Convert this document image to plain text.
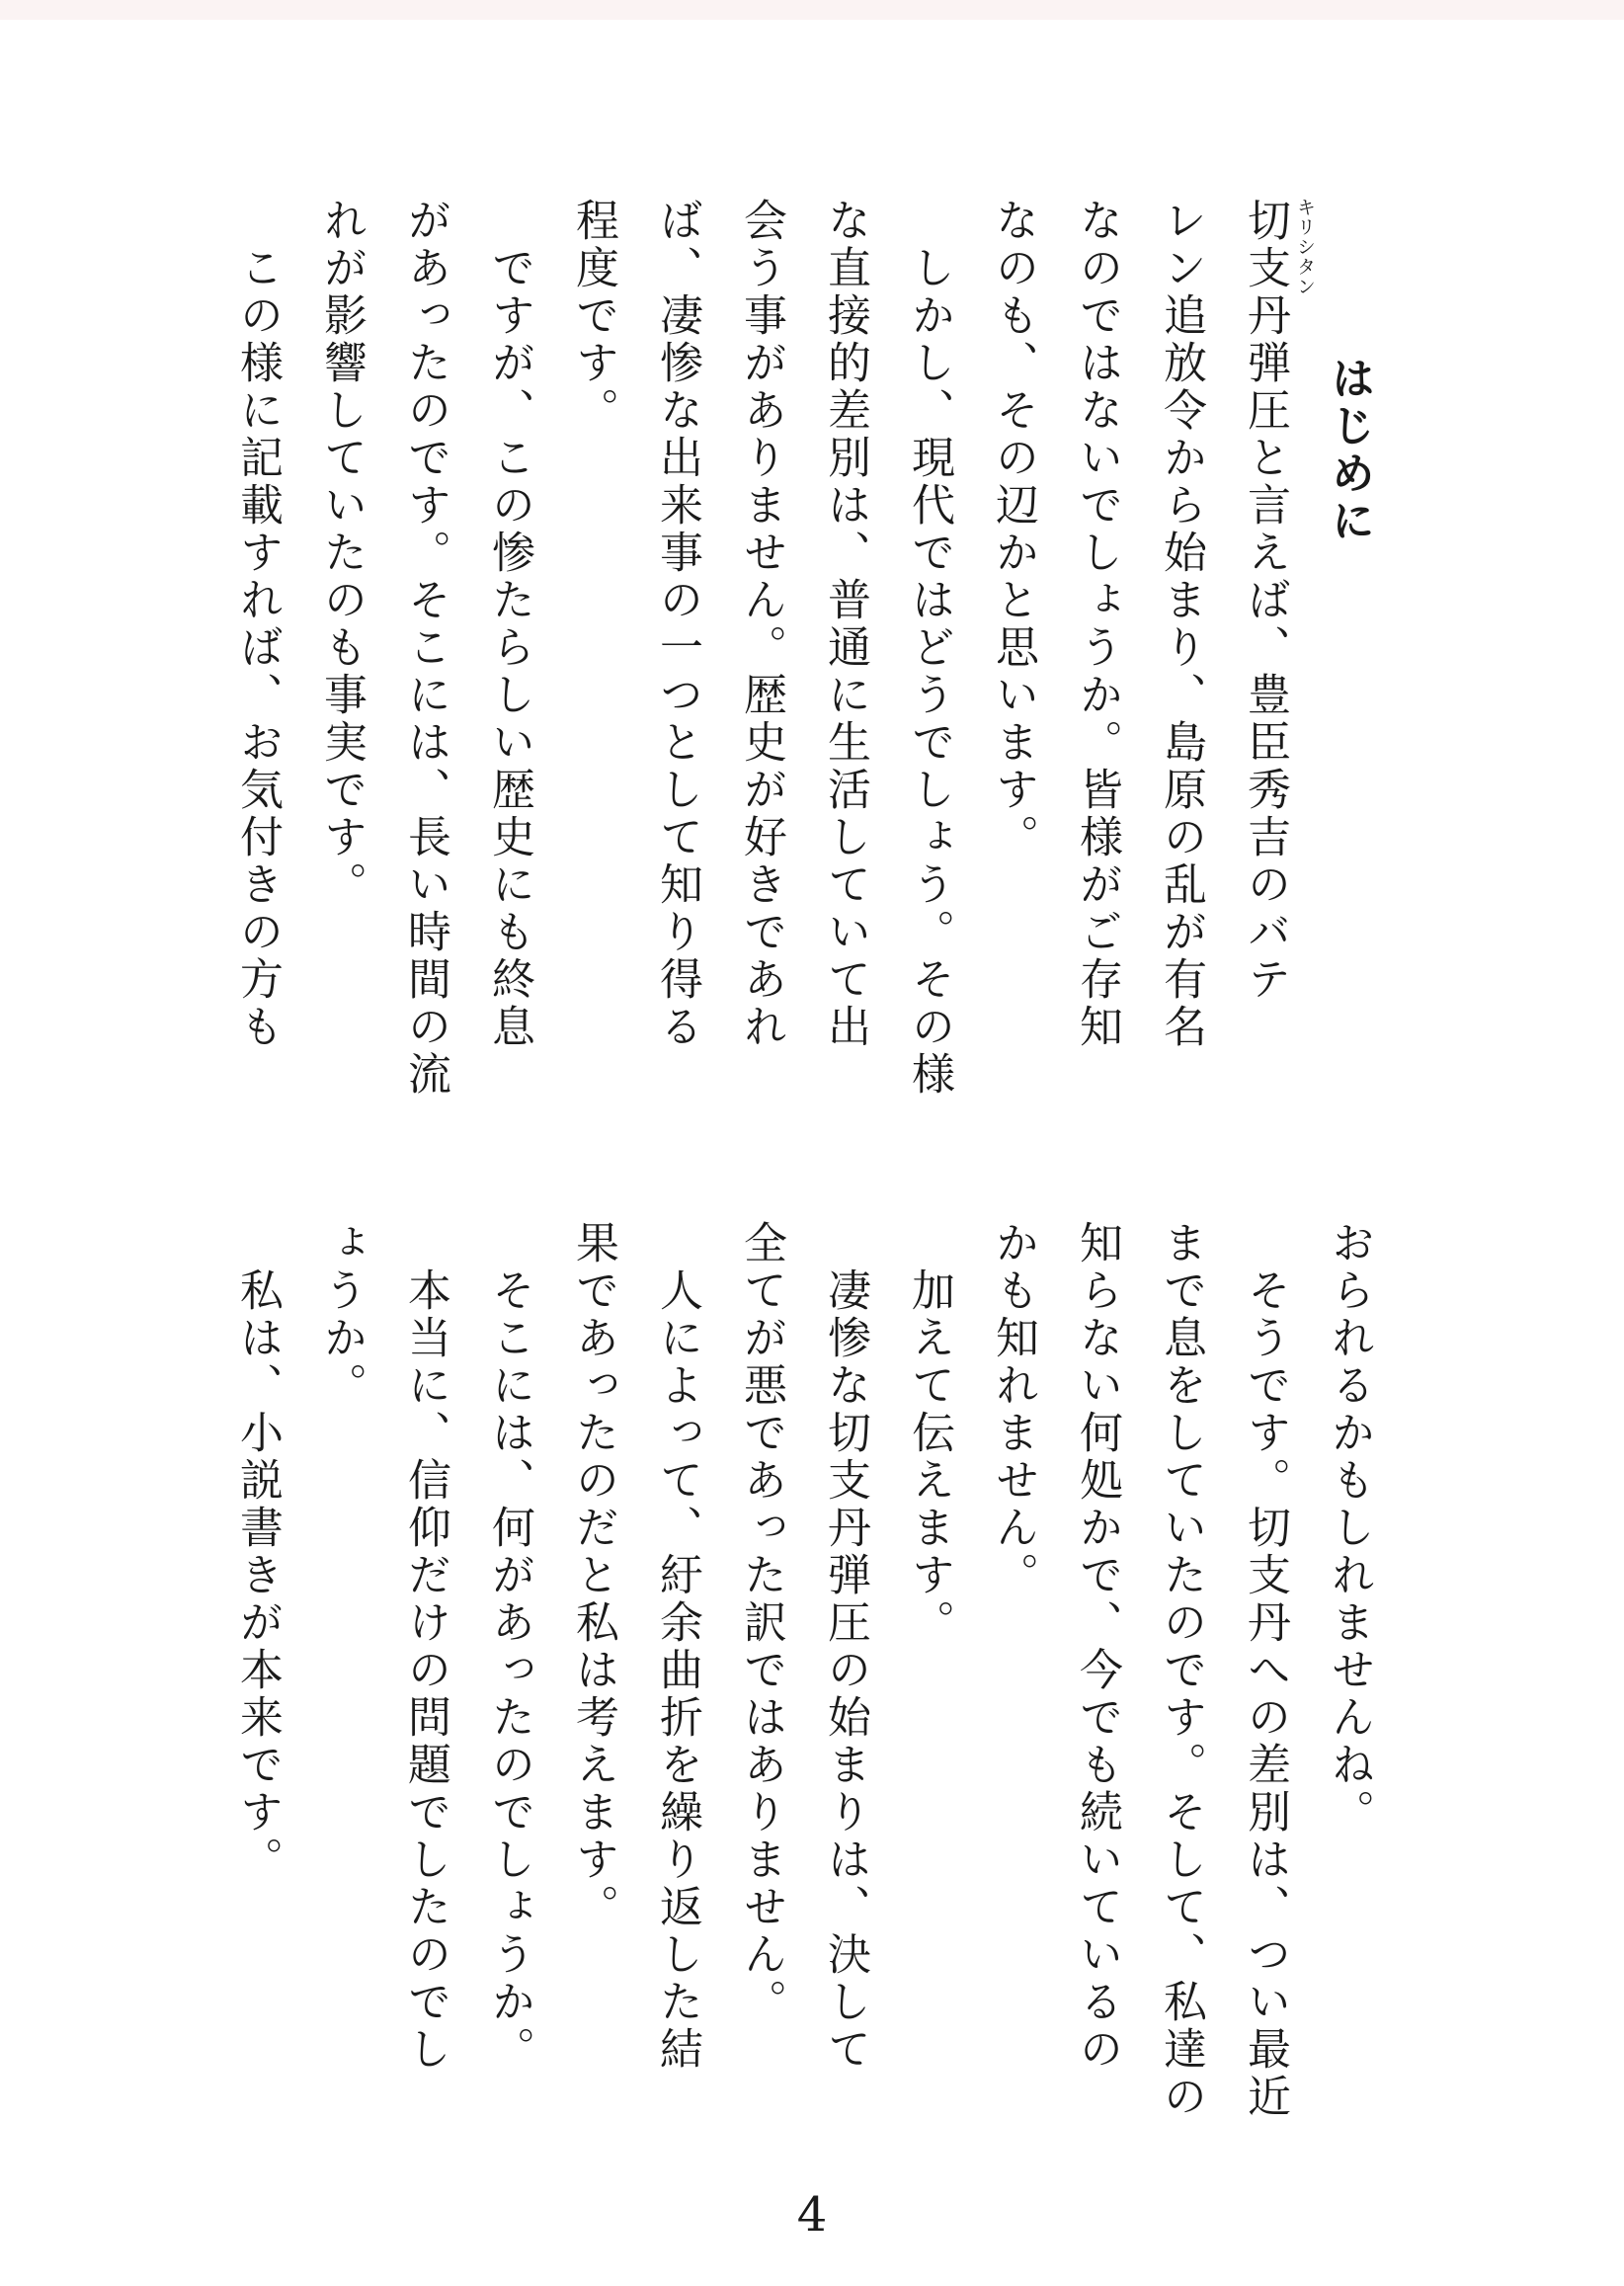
はじめに
切支丹 キリシタン
弾圧と言えば、豊臣秀吉のバテ
レン追放令から始まり、島原の乱が有名
なのではないでしょうか。皆様がご存知
なのも、その辺かと思います。
しかし、現代ではどうでしょう。その様
な直接的差別は、普通に生活していて出
会う事がありません。歴史が好きであれ
ば、凄惨な出来事の一つとして知り得る
程度です。
ですが、この惨たらしい歴史にも終息
があったのです。そこには、長い時間の流
れが影響していたのも事実です。
この様に記載すれば、お気付きの方も
おられるかもしれませんね。
そうです。切支丹への差別は、つい最近
まで息をしていたのです。そして、私達の
知らない何処かで、今でも続いているの
かも知れません。
加えて伝えます。
凄惨な切支丹弾圧の始まりは、決して
全てが悪であった訳ではありません。
人によって、紆余曲折を繰り返した結
果であったのだと私は考えます。
そこには、何があったのでしょうか。
本当に、信仰だけの問題でしたのでし
ょうか。
私は、小説書きが本来です。
4
